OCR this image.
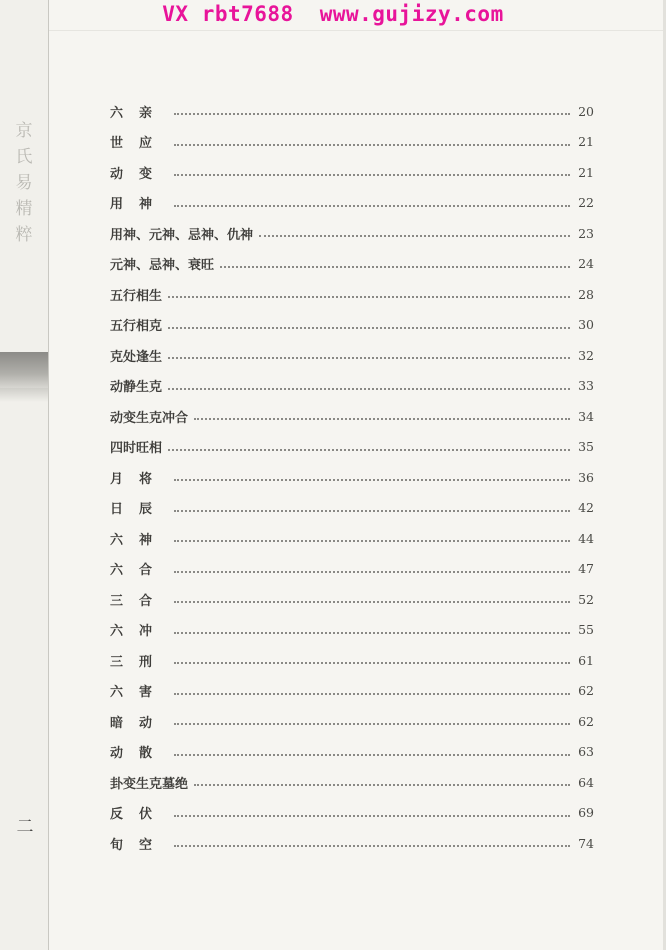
VX rbt7688 www.gujizy.com
京氏易精粹
二
六亲	20
世应	21
动变	21
用神	22
用神、元神、忌神、仇神	23
元神、忌神、衰旺	24
五行相生	28
五行相克	30
克处逢生	32
动静生克	33
动变生克冲合	34
四时旺相	35
月将	36
日辰	42
六神	44
六合	47
三合	52
六冲	55
三刑	61
六害	62
暗动	62
动散	63
卦变生克墓绝	64
反伏	69
旬空	74
